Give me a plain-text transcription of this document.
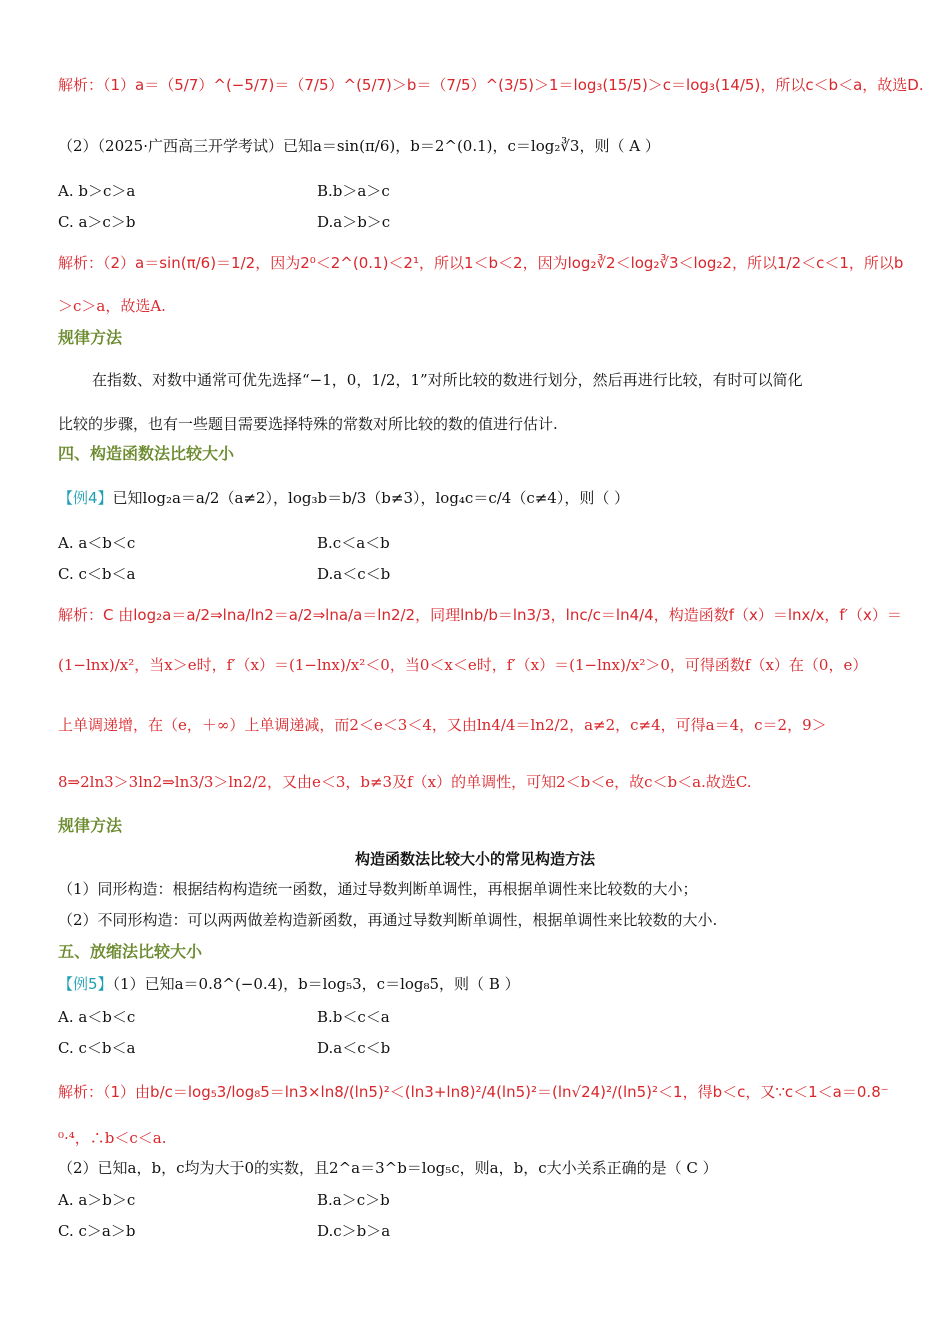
解析：（1）a＝（5/7）^(−5/7)＝（7/5）^(5/7)＞b＝（7/5）^(3/5)＞1＝log₃(15/5)＞c＝log₃(14/5)，所以c＜b＜a，故选D.
（2）（2025·广西高三开学考试）已知a＝sin(π/6)，b＝2^(0.1)，c＝log₂∛3，则（ A ）
A. b＞c＞a	B.b＞a＞c
C. a＞c＞b	D.a＞b＞c
解析：（2）a＝sin(π/6)＝1/2，因为2⁰＜2^(0.1)＜2¹，所以1＜b＜2，因为log₂∛2＜log₂∛3＜log₂2，所以1/2＜c＜1，所以b
＞c＞a，故选A.
规律方法
在指数、对数中通常可优先选择“−1，0，1/2，1”对所比较的数进行划分，然后再进行比较，有时可以简化
比较的步骤，也有一些题目需要选择特殊的常数对所比较的数的值进行估计.
四、构造函数法比较大小
【例4】已知log₂a＝a/2（a≠2），log₃b＝b/3（b≠3），log₄c＝c/4（c≠4），则（ ）
A. a＜b＜c	B.c＜a＜b
C. c＜b＜a	D.a＜c＜b
解析：C 由log₂a＝a/2⇒lna/ln2＝a/2⇒lna/a＝ln2/2，同理lnb/b＝ln3/3，lnc/c＝ln4/4，构造函数f（x）＝lnx/x，f′（x）＝
(1−lnx)/x²，当x＞e时，f′（x）＝(1−lnx)/x²＜0，当0＜x＜e时，f′（x）＝(1−lnx)/x²＞0，可得函数f（x）在（0，e）
上单调递增，在（e，＋∞）上单调递减，而2＜e＜3＜4，又由ln4/4＝ln2/2，a≠2，c≠4，可得a＝4，c＝2，9＞
8⇒2ln3＞3ln2⇒ln3/3＞ln2/2，又由e＜3，b≠3及f（x）的单调性，可知2＜b＜e，故c＜b＜a.故选C.
规律方法
构造函数法比较大小的常见构造方法
（1）同形构造：根据结构构造统一函数，通过导数判断单调性，再根据单调性来比较数的大小；
（2）不同形构造：可以两两做差构造新函数，再通过导数判断单调性，根据单调性来比较数的大小.
五、放缩法比较大小
【例5】（1）已知a＝0.8^(−0.4)，b＝log₅3，c＝log₈5，则（ B ）
A. a＜b＜c	B.b＜c＜a
C. c＜b＜a	D.a＜c＜b
解析：（1）由b/c＝log₅3/log₈5＝ln3×ln8/(ln5)²＜(ln3+ln8)²/4(ln5)²＝(ln√24)²/(ln5)²＜1，得b＜c，又∵c＜1＜a＝0.8⁻
⁰·⁴，∴b＜c＜a.
（2）已知a，b，c均为大于0的实数，且2^a＝3^b＝log₅c，则a，b，c大小关系正确的是（ C ）
A. a＞b＞c	B.a＞c＞b
C. c＞a＞b	D.c＞b＞a
